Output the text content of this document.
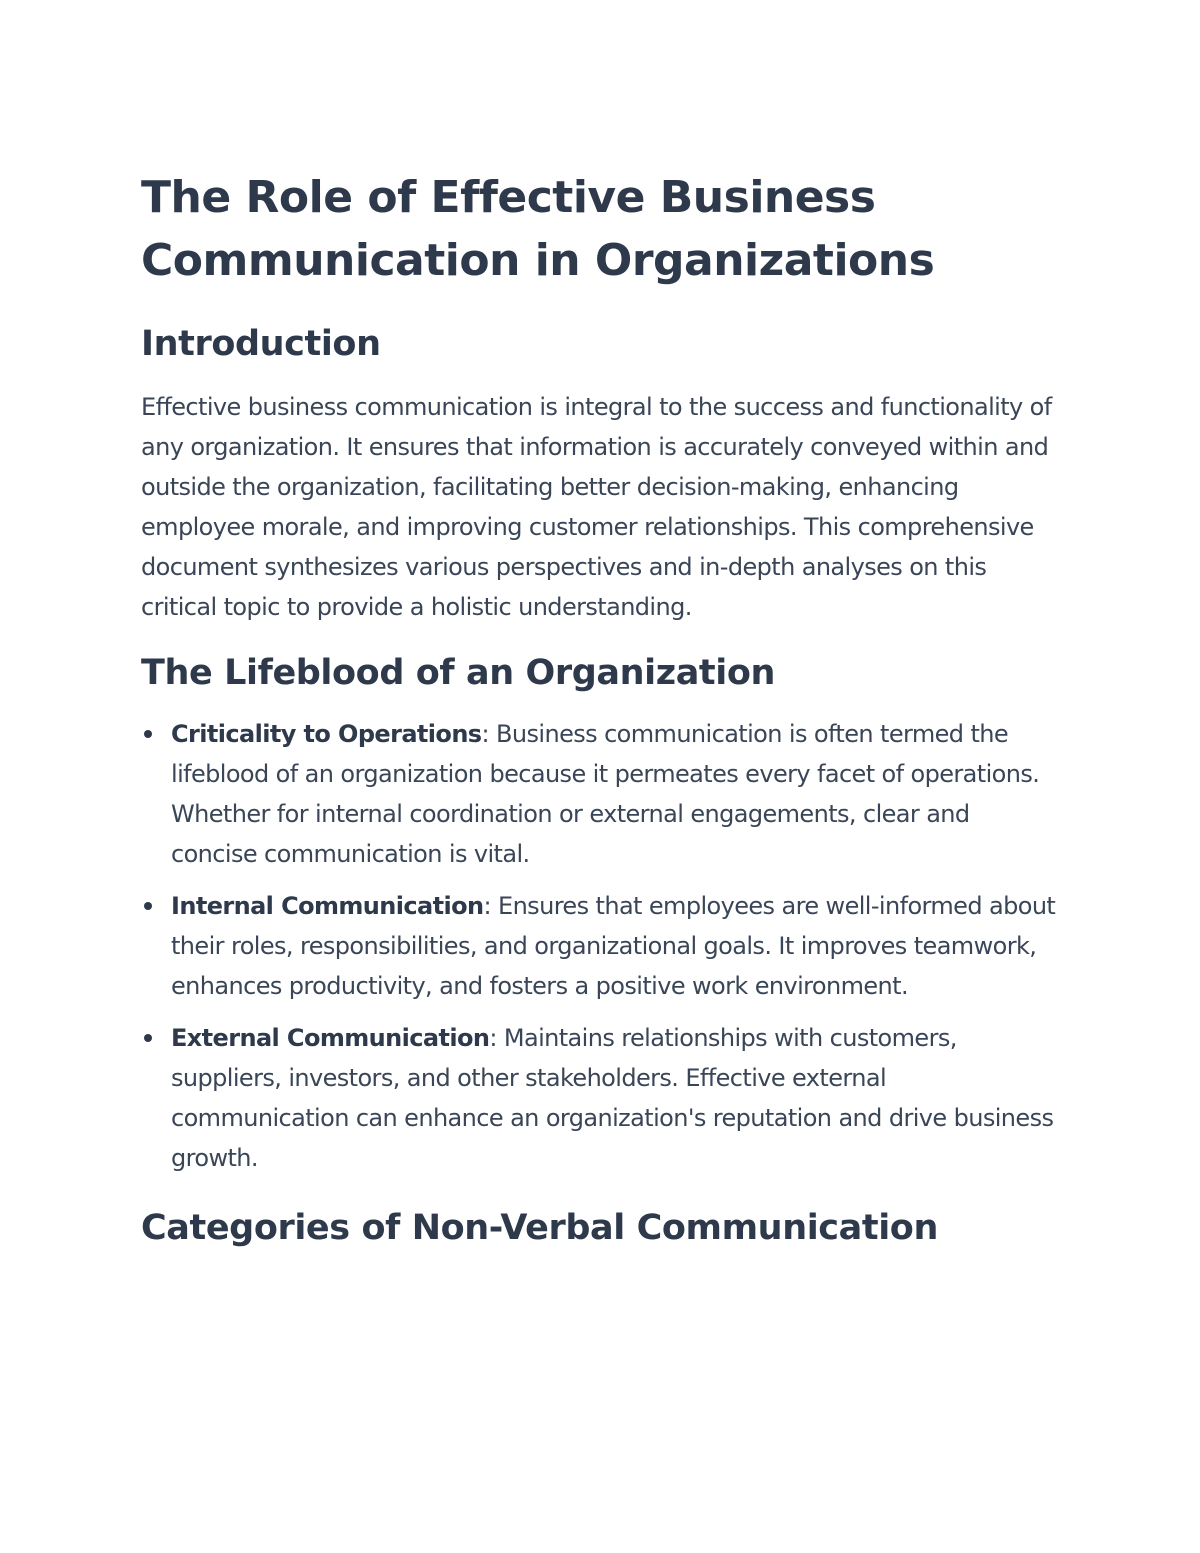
The Role of Effective Business Communication in Organizations
Introduction

Effective business communication is integral to the success and functionality of any organization. It ensures that information is accurately conveyed within and outside the organization, facilitating better decision-making, enhancing employee morale, and improving customer relationships. This comprehensive document synthesizes various perspectives and in-depth analyses on this critical topic to provide a holistic understanding.

The Lifeblood of an Organization
Criticality to Operations: Business communication is often termed the lifeblood of an organization because it permeates every facet of operations. Whether for internal coordination or external engagements, clear and concise communication is vital.
Internal Communication: Ensures that employees are well-informed about their roles, responsibilities, and organizational goals. It improves teamwork, enhances productivity, and fosters a positive work environment.
External Communication: Maintains relationships with customers, suppliers, investors, and other stakeholders. Effective external communication can enhance an organization's reputation and drive business growth.
Categories of Non-Verbal Communication
